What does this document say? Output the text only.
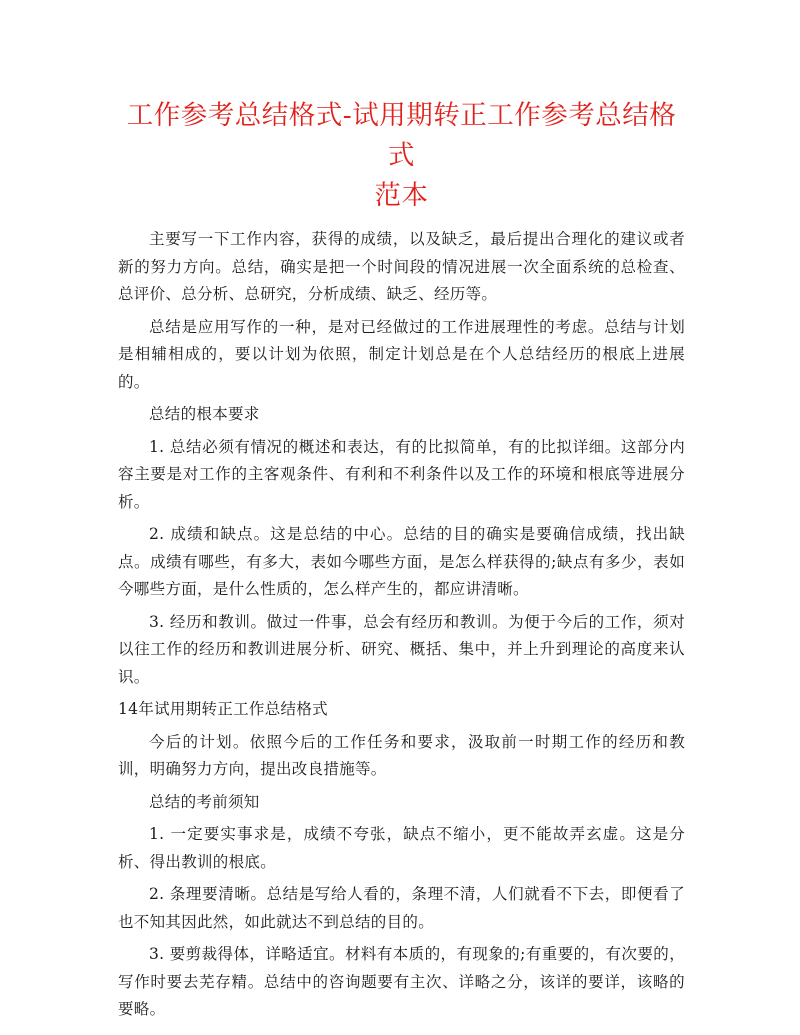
工作参考总结格式-试用期转正工作参考总结格式
范本

主要写一下工作内容，获得的成绩，以及缺乏，最后提出合理化的建议或者新的努力方向。总结，确实是把一个时间段的情况进展一次全面系统的总检查、总评价、总分析、总研究，分析成绩、缺乏、经历等。

总结是应用写作的一种，是对已经做过的工作进展理性的考虑。总结与计划是相辅相成的，要以计划为依照，制定计划总是在个人总结经历的根底上进展的。

总结的根本要求

1. 总结必须有情况的概述和表达，有的比拟简单，有的比拟详细。这部分内容主要是对工作的主客观条件、有利和不利条件以及工作的环境和根底等进展分析。

2. 成绩和缺点。这是总结的中心。总结的目的确实是要确信成绩，找出缺点。成绩有哪些，有多大，表如今哪些方面，是怎么样获得的;缺点有多少，表如今哪些方面，是什么性质的，怎么样产生的，都应讲清晰。

3. 经历和教训。做过一件事，总会有经历和教训。为便于今后的工作，须对以往工作的经历和教训进展分析、研究、概括、集中，并上升到理论的高度来认识。

14年试用期转正工作总结格式

今后的计划。依照今后的工作任务和要求，汲取前一时期工作的经历和教训，明确努力方向，提出改良措施等。

总结的考前须知

1. 一定要实事求是，成绩不夸张，缺点不缩小，更不能故弄玄虚。这是分析、得出教训的根底。

2. 条理要清晰。总结是写给人看的，条理不清，人们就看不下去，即便看了也不知其因此然，如此就达不到总结的目的。

3. 要剪裁得体，详略适宜。材料有本质的，有现象的;有重要的，有次要的，写作时要去芜存精。总结中的咨询题要有主次、详略之分，该详的要详，该略的要略。
